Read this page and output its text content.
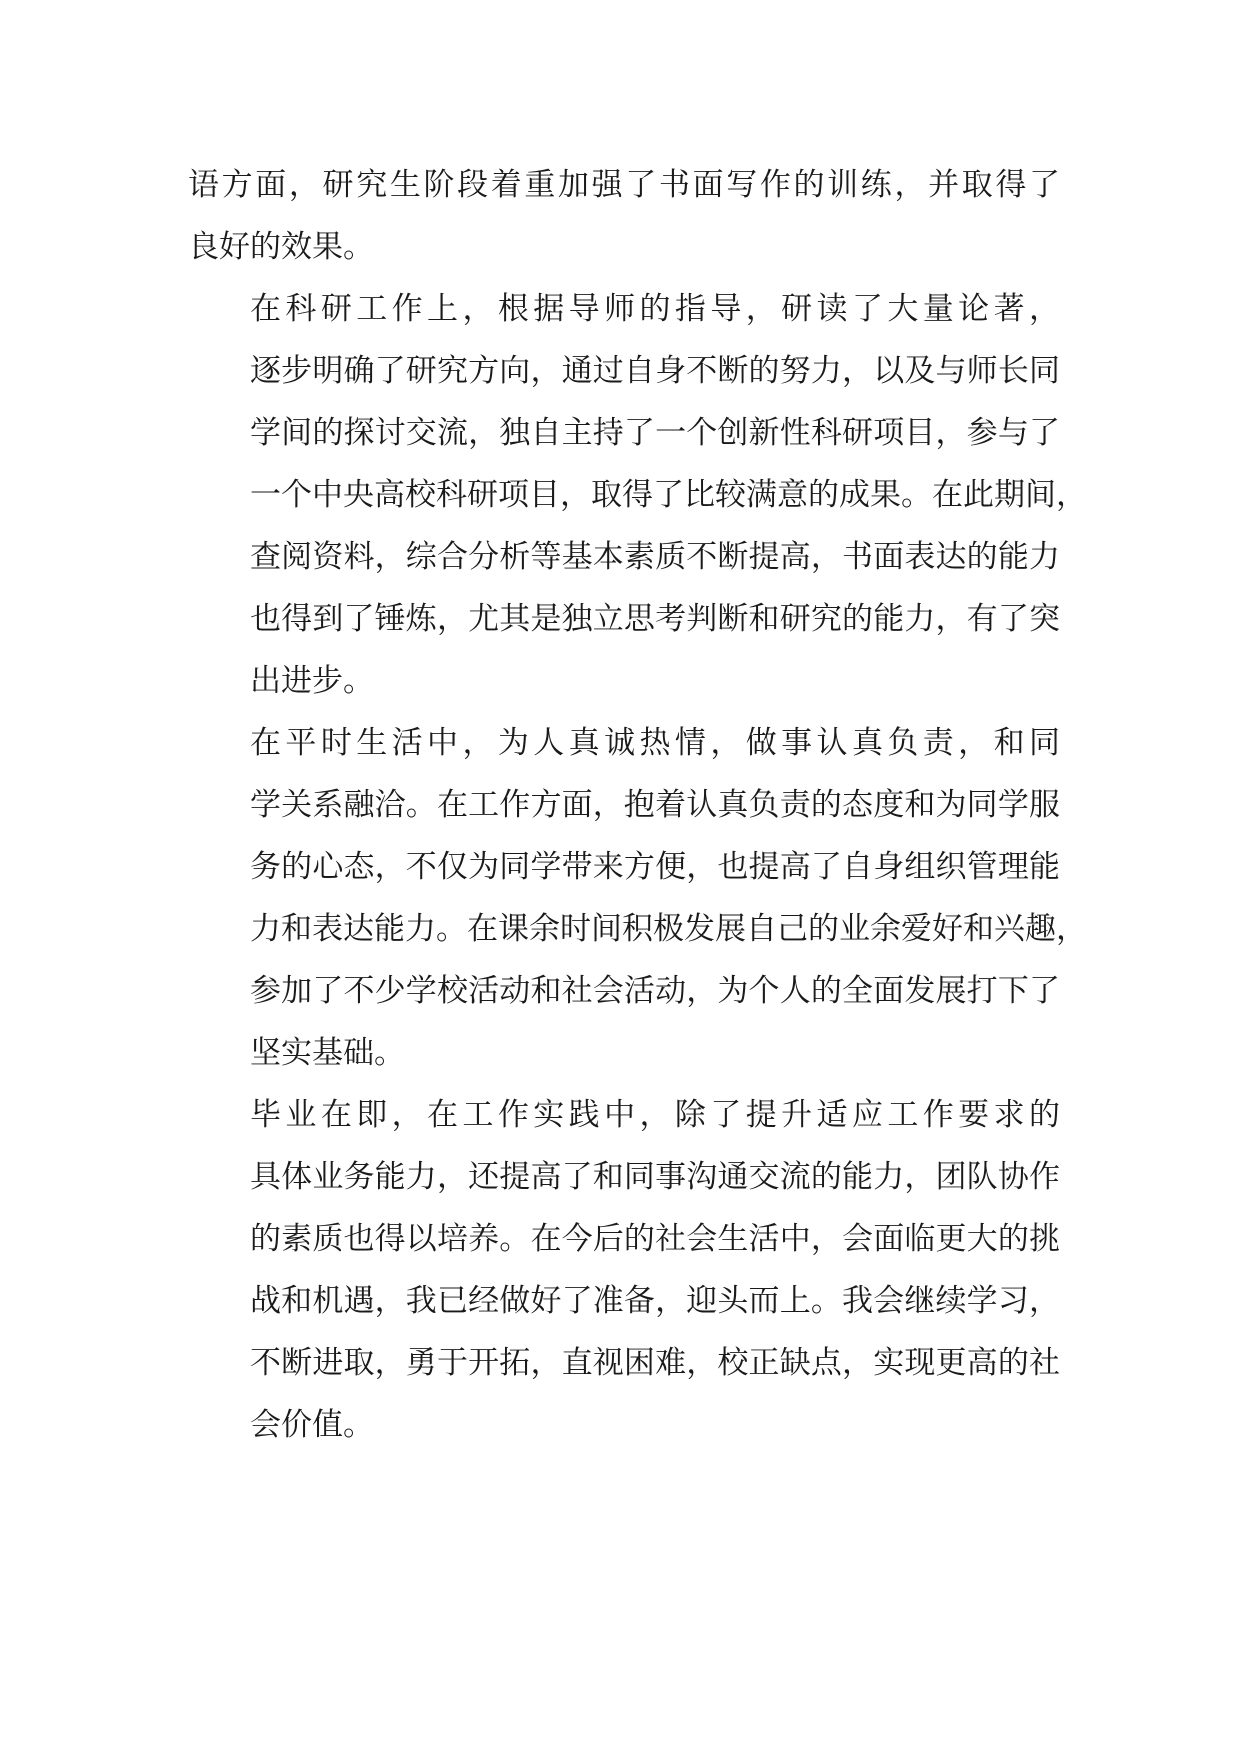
语方面，研究生阶段着重加强了书面写作的训练，并取得了
良好的效果。

在科研工作上，根据导师的指导，研读了大量论著，
逐步明确了研究方向，通过自身不断的努力，以及与师长同
学间的探讨交流，独自主持了一个创新性科研项目，参与了
一个中央高校科研项目，取得了比较满意的成果。在此期间，
查阅资料，综合分析等基本素质不断提高，书面表达的能力
也得到了锤炼，尤其是独立思考判断和研究的能力，有了突
出进步。

在平时生活中，为人真诚热情，做事认真负责，和同
学关系融洽。在工作方面，抱着认真负责的态度和为同学服
务的心态，不仅为同学带来方便，也提高了自身组织管理能
力和表达能力。在课余时间积极发展自己的业余爱好和兴趣，
参加了不少学校活动和社会活动，为个人的全面发展打下了
坚实基础。

毕业在即，在工作实践中，除了提升适应工作要求的
具体业务能力，还提高了和同事沟通交流的能力，团队协作
的素质也得以培养。在今后的社会生活中，会面临更大的挑
战和机遇，我已经做好了准备，迎头而上。我会继续学习，
不断进取，勇于开拓，直视困难，校正缺点，实现更高的社
会价值。
